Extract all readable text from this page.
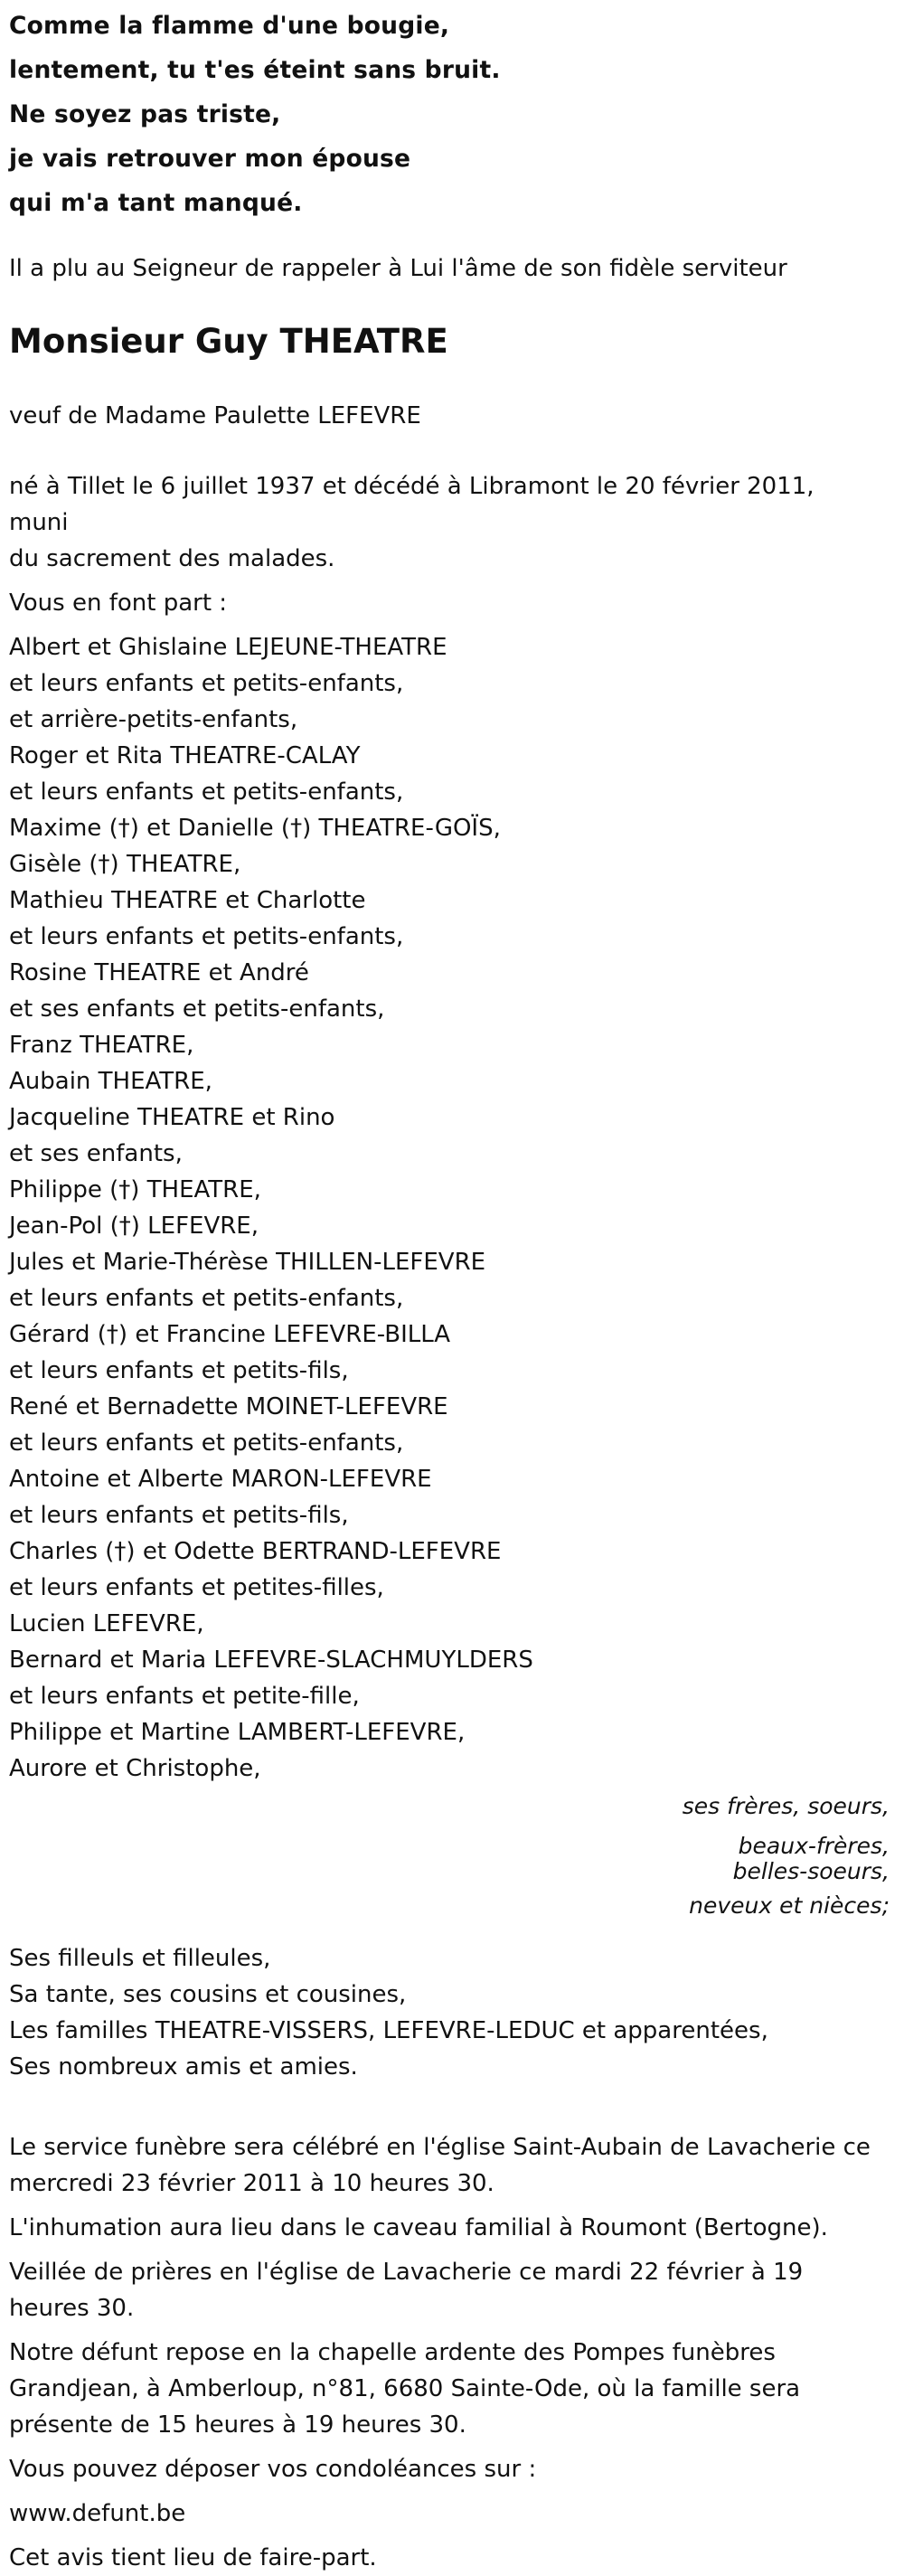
Comme la flamme d'une bougie,
lentement, tu t'es éteint sans bruit.
Ne soyez pas triste,
je vais retrouver mon épouse
qui m'a tant manqué.

Il a plu au Seigneur de rappeler à Lui l'âme de son fidèle serviteur

Monsieur Guy THEATRE

veuf de Madame Paulette LEFEVRE

né à Tillet le 6 juillet 1937 et décédé à Libramont le 20 février 2011, muni
du sacrement des malades.

Vous en font part :

Albert et Ghislaine LEJEUNE-THEATRE
et leurs enfants et petits-enfants,
et arrière-petits-enfants,
Roger et Rita THEATRE-CALAY
et leurs enfants et petits-enfants,
Maxime (†) et Danielle (†) THEATRE-GOÏS,
Gisèle (†) THEATRE,
Mathieu THEATRE et Charlotte
et leurs enfants et petits-enfants,
Rosine THEATRE et André
et ses enfants et petits-enfants,
Franz THEATRE,
Aubain THEATRE,
Jacqueline THEATRE et Rino
et ses enfants,
Philippe (†) THEATRE,
Jean-Pol (†) LEFEVRE,
Jules et Marie-Thérèse THILLEN-LEFEVRE
et leurs enfants et petits-enfants,
Gérard (†) et Francine LEFEVRE-BILLA
et leurs enfants et petits-fils,
René et Bernadette MOINET-LEFEVRE
et leurs enfants et petits-enfants,
Antoine et Alberte MARON-LEFEVRE
et leurs enfants et petits-fils,
Charles (†) et Odette BERTRAND-LEFEVRE
et leurs enfants et petites-filles,
Lucien LEFEVRE,
Bernard et Maria LEFEVRE-SLACHMUYLDERS
et leurs enfants et petite-fille,
Philippe et Martine LAMBERT-LEFEVRE,
Aurore et Christophe,
ses frères, soeurs,
beaux-frères,
belles-soeurs,
neveux et nièces;
Ses filleuls et filleules,
Sa tante, ses cousins et cousines,
Les familles THEATRE-VISSERS, LEFEVRE-LEDUC et apparentées,
Ses nombreux amis et amies.
Le service funèbre sera célébré en l'église Saint-Aubain de Lavacherie ce
mercredi 23 février 2011 à 10 heures 30.

L'inhumation aura lieu dans le caveau familial à Roumont (Bertogne).

Veillée de prières en l'église de Lavacherie ce mardi 22 février à 19
heures 30.
Notre défunt repose en la chapelle ardente des Pompes funèbres
Grandjean, à Amberloup, n°81, 6680 Sainte-Ode, où la famille sera
présente de 15 heures à 19 heures 30.

Vous pouvez déposer vos condoléances sur :

www.defunt.be

Cet avis tient lieu de faire-part.
